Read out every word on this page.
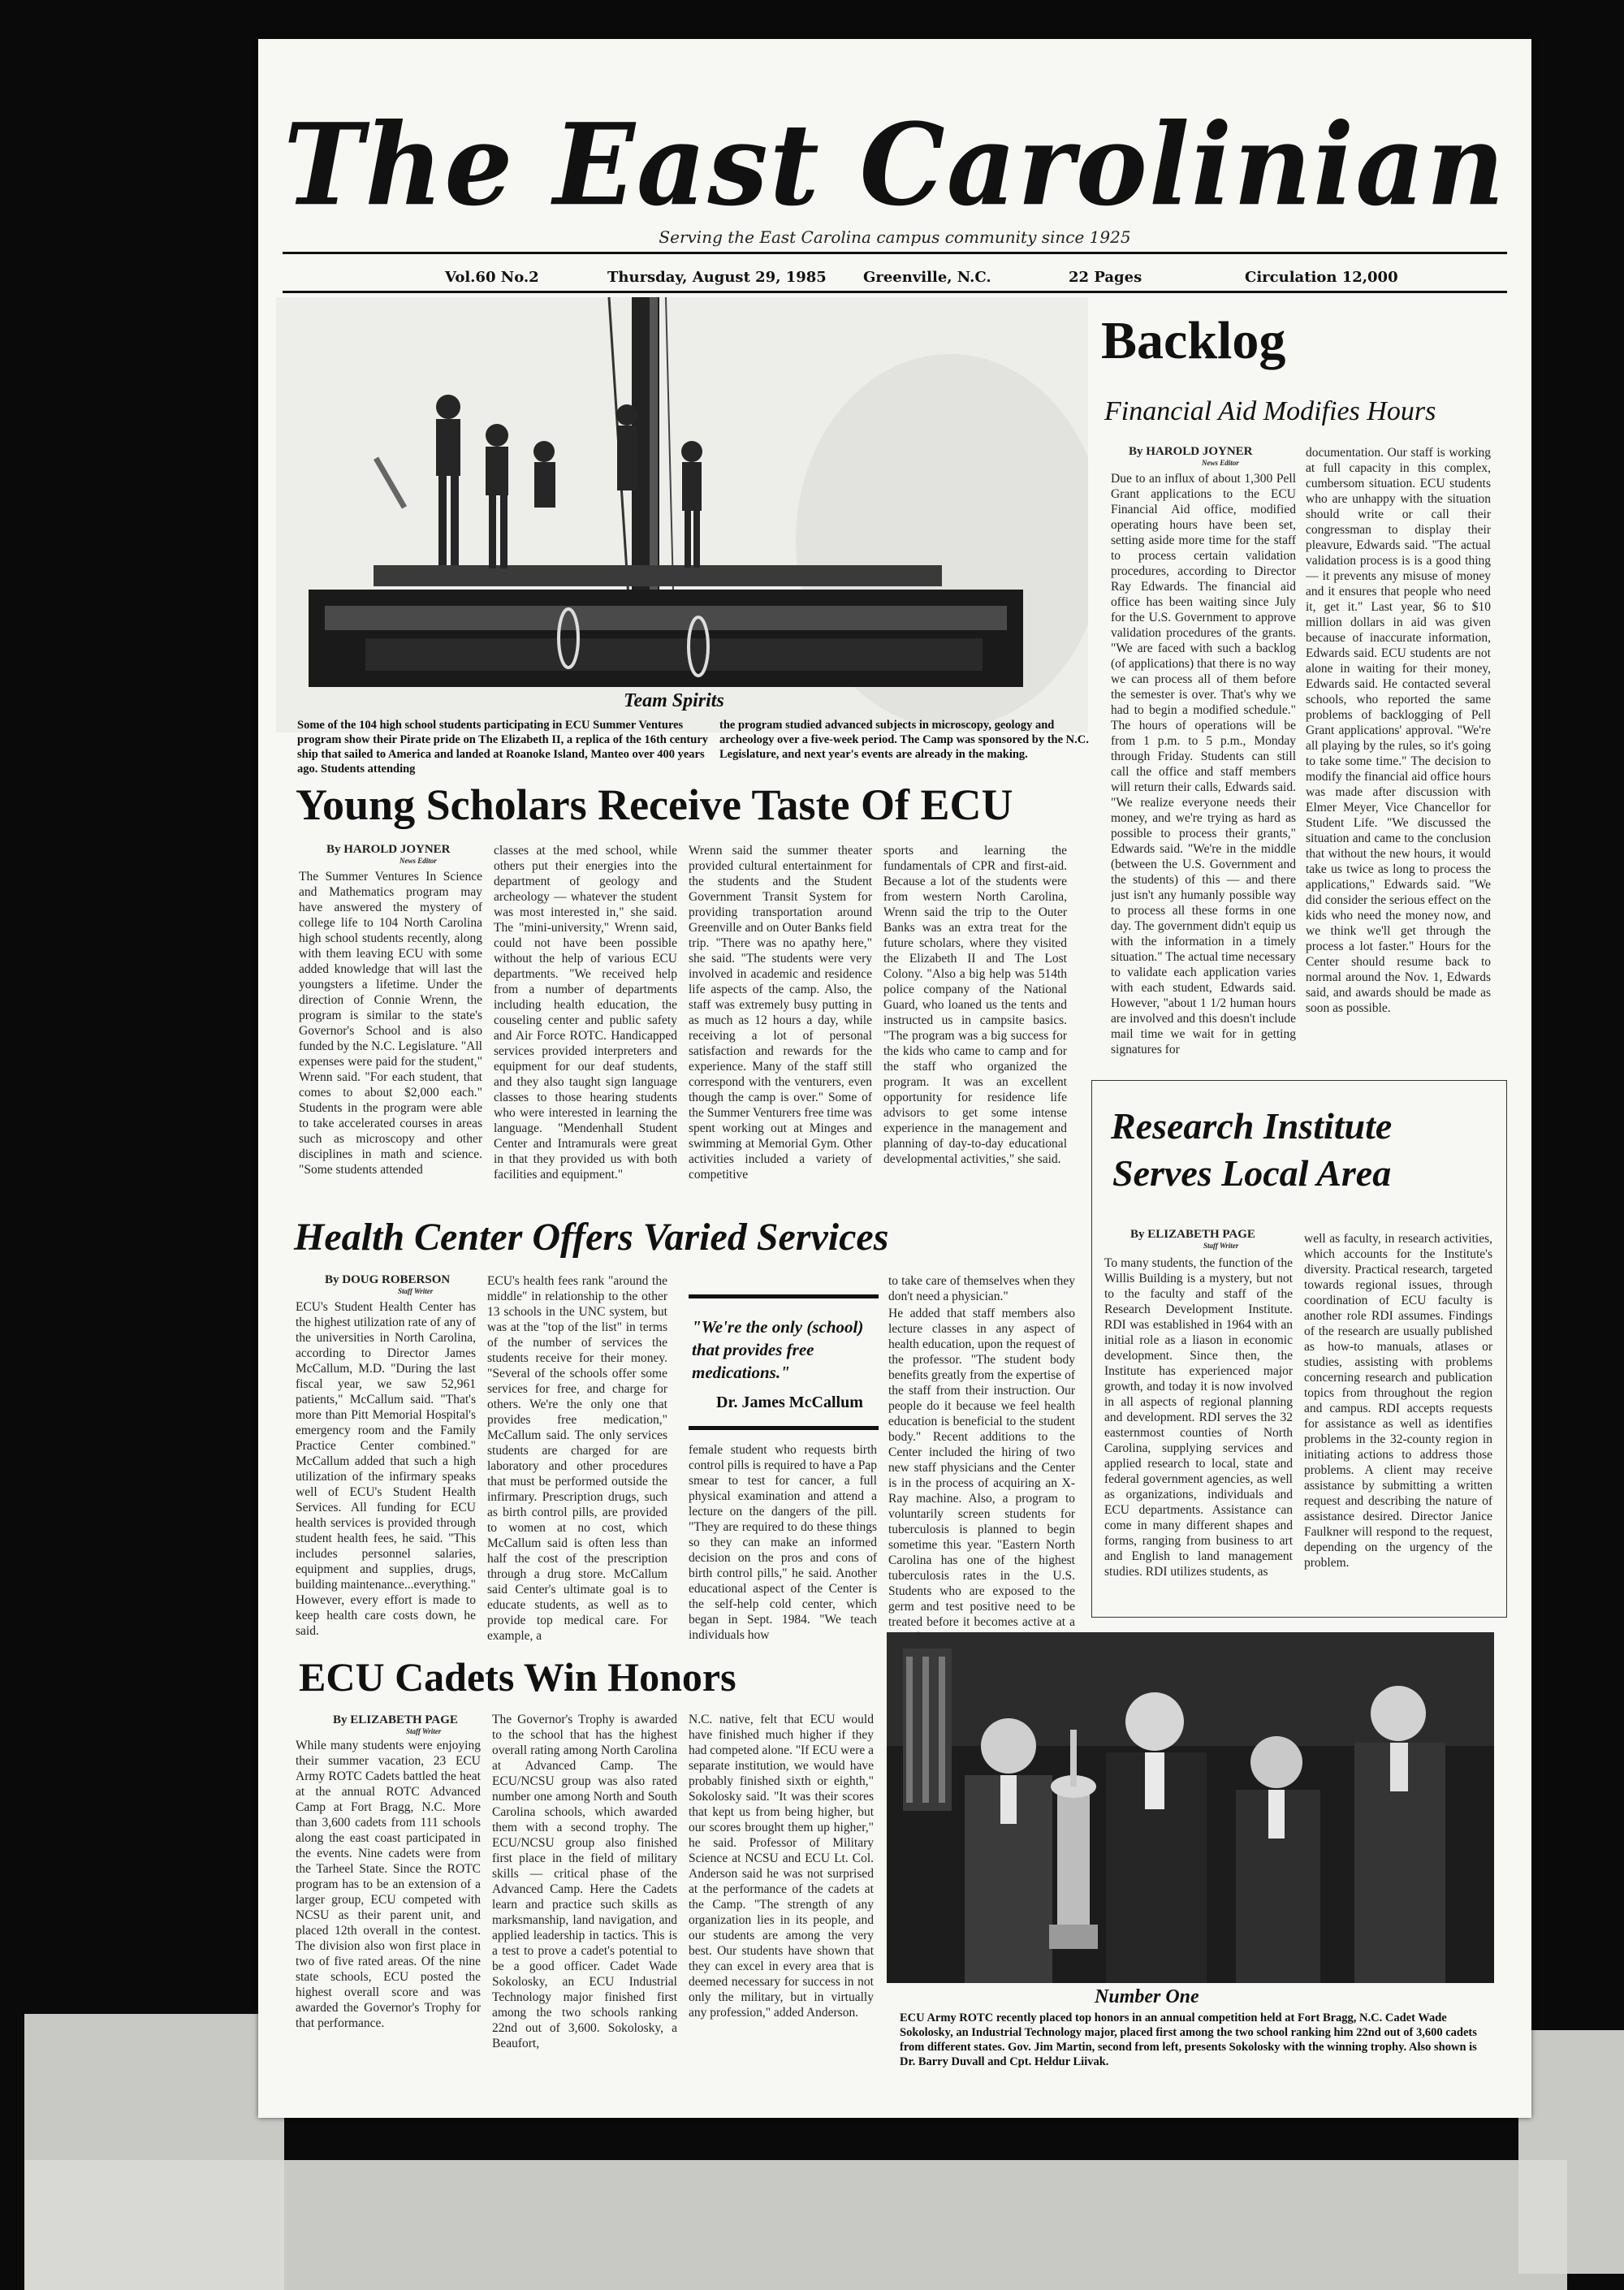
The East Carolinian
Serving the East Carolina campus community since 1925
Vol.60 No.2	Thursday, August 29, 1985	Greenville, N.C.	22 Pages	Circulation 12,000
Team Spirits
Some of the 104 high school students participating in ECU Summer Ventures program show their Pirate pride on The Elizabeth II, a replica of the 16th century ship that sailed to America and landed at Roanoke Island, Manteo over 400 years ago. Students attending
the program studied advanced subjects in microscopy, geology and archeology over a five-week period. The Camp was sponsored by the N.C. Legislature, and next year's events are already in the making.
Backlog
Financial Aid Modifies Hours
By HAROLD JOYNER
News Editor
Due to an influx of about 1,300 Pell Grant applications to the ECU Financial Aid office, modified operating hours have been set, setting aside more time for the staff to process certain validation procedures, according to Director Ray Edwards. The financial aid office has been waiting since July for the U.S. Government to approve validation procedures of the grants. "We are faced with such a backlog (of applications) that there is no way we can process all of them before the semester is over. That's why we had to begin a modified schedule." The hours of operations will be from 1 p.m. to 5 p.m., Monday through Friday. Students can still call the office and staff members will return their calls, Edwards said. "We realize everyone needs their money, and we're trying as hard as possible to process their grants," Edwards said. "We're in the middle (between the U.S. Government and the students) of this — and there just isn't any humanly possible way to process all these forms in one day. The government didn't equip us with the information in a timely situation." The actual time necessary to validate each application varies with each student, Edwards said. However, "about 1 1/2 human hours are involved and this doesn't include mail time we wait for in getting signatures for
documentation. Our staff is working at full capacity in this complex, cumbersom situation. ECU students who are unhappy with the situation should write or call their congressman to display their pleavure, Edwards said. "The actual validation process is is a good thing — it prevents any misuse of money and it ensures that people who need it, get it." Last year, $6 to $10 million dollars in aid was given because of inaccurate information, Edwards said. ECU students are not alone in waiting for their money, Edwards said. He contacted several schools, who reported the same problems of backlogging of Pell Grant applications' approval. "We're all playing by the rules, so it's going to take some time." The decision to modify the financial aid office hours was made after discussion with Elmer Meyer, Vice Chancellor for Student Life. "We discussed the situation and came to the conclusion that without the new hours, it would take us twice as long to process the applications," Edwards said. "We did consider the serious effect on the kids who need the money now, and we think we'll get through the process a lot faster." Hours for the Center should resume back to normal around the Nov. 1, Edwards said, and awards should be made as soon as possible.
Young Scholars Receive Taste Of ECU
By HAROLD JOYNER
News Editor
The Summer Ventures In Science and Mathematics program may have answered the mystery of college life to 104 North Carolina high school students recently, along with them leaving ECU with some added knowledge that will last the youngsters a lifetime. Under the direction of Connie Wrenn, the program is similar to the state's Governor's School and is also funded by the N.C. Legislature. "All expenses were paid for the student," Wrenn said. "For each student, that comes to about $2,000 each." Students in the program were able to take accelerated courses in areas such as microscopy and other disciplines in math and science. "Some students attended
classes at the med school, while others put their energies into the department of geology and archeology — whatever the student was most interested in," she said. The "mini-university," Wrenn said, could not have been possible without the help of various ECU departments. "We received help from a number of departments including health education, the couseling center and public safety and Air Force ROTC. Handicapped services provided interpreters and equipment for our deaf students, and they also taught sign language classes to those hearing students who were interested in learning the language. "Mendenhall Student Center and Intramurals were great in that they provided us with both facilities and equipment."
Wrenn said the summer theater provided cultural entertainment for the students and the Student Government Transit System for providing transportation around Greenville and on Outer Banks field trip. "There was no apathy here," she said. "The students were very involved in academic and residence life aspects of the camp. Also, the staff was extremely busy putting in as much as 12 hours a day, while receiving a lot of personal satisfaction and rewards for the experience. Many of the staff still correspond with the venturers, even though the camp is over." Some of the Summer Venturers free time was spent working out at Minges and swimming at Memorial Gym. Other activities included a variety of competitive
sports and learning the fundamentals of CPR and first-aid. Because a lot of the students were from western North Carolina, Wrenn said the trip to the Outer Banks was an extra treat for the future scholars, where they visited the Elizabeth II and The Lost Colony. "Also a big help was 514th police company of the National Guard, who loaned us the tents and instructed us in campsite basics. "The program was a big success for the kids who came to camp and for the staff who organized the program. It was an excellent opportunity for residence life advisors to get some intense experience in the management and planning of day-to-day educational developmental activities," she said.
Research Institute
Serves Local Area
By ELIZABETH PAGE
Staff Writer
To many students, the function of the Willis Building is a mystery, but not to the faculty and staff of the Research Development Institute. RDI was established in 1964 with an initial role as a liason in economic development. Since then, the Institute has experienced major growth, and today it is now involved in all aspects of regional planning and development. RDI serves the 32 easternmost counties of North Carolina, supplying services and applied research to local, state and federal government agencies, as well as organizations, individuals and ECU departments. Assistance can come in many different shapes and forms, ranging from business to art and English to land management studies. RDI utilizes students, as
well as faculty, in research activities, which accounts for the Institute's diversity. Practical research, targeted towards regional issues, through coordination of ECU faculty is another role RDI assumes. Findings of the research are usually published as how-to manuals, atlases or studies, assisting with problems concerning research and publication topics from throughout the region and campus. RDI accepts requests for assistance as well as identifies problems in the 32-county region in initiating actions to address those problems. A client may receive assistance by submitting a written request and describing the nature of assistance desired. Director Janice Faulkner will respond to the request, depending on the urgency of the problem.
Health Center Offers Varied Services
By DOUG ROBERSON
Staff Writer
ECU's Student Health Center has the highest utilization rate of any of the universities in North Carolina, according to Director James McCallum, M.D. "During the last fiscal year, we saw 52,961 patients," McCallum said. "That's more than Pitt Memorial Hospital's emergency room and the Family Practice Center combined." McCallum added that such a high utilization of the infirmary speaks well of ECU's Student Health Services. All funding for ECU health services is provided through student health fees, he said. "This includes personnel salaries, equipment and supplies, drugs, building maintenance...everything." However, every effort is made to keep health care costs down, he said.
ECU's health fees rank "around the middle" in relationship to the other 13 schools in the UNC system, but was at the "top of the list" in terms of the number of services the students receive for their money. "Several of the schools offer some services for free, and charge for others. We're the only one that provides free medication," McCallum said. The only services students are charged for are laboratory and other procedures that must be performed outside the infirmary. Prescription drugs, such as birth control pills, are provided to women at no cost, which McCallum said is often less than half the cost of the prescription through a drug store. McCallum said Center's ultimate goal is to educate students, as well as to provide top medical care. For example, a
"We're the only (school) that provides free medications."
Dr. James McCallum
female student who requests birth control pills is required to have a Pap smear to test for cancer, a full physical examination and attend a lecture on the dangers of the pill. "They are required to do these things so they can make an informed decision on the pros and cons of birth control pills," he said. Another educational aspect of the Center is the self-help cold center, which began in Sept. 1984. "We teach individuals how
to take care of themselves when they don't need a physician."
He added that staff members also lecture classes in any aspect of health education, upon the request of the professor. "The student body benefits greatly from the expertise of the staff from their instruction. Our people do it because we feel health education is beneficial to the student body." Recent additions to the Center included the hiring of two new staff physicians and the Center is in the process of acquiring an X-Ray machine. Also, a program to voluntarily screen students for tuberculosis is planned to begin sometime this year. "Eastern North Carolina has one of the highest tuberculosis rates in the U.S. Students who are exposed to the germ and test positive need to be treated before it becomes active at a
ECU Cadets Win Honors
By ELIZABETH PAGE
Staff Writer
While many students were enjoying their summer vacation, 23 ECU Army ROTC Cadets battled the heat at the annual ROTC Advanced Camp at Fort Bragg, N.C. More than 3,600 cadets from 111 schools along the east coast participated in the events. Nine cadets were from the Tarheel State. Since the ROTC program has to be an extension of a larger group, ECU competed with NCSU as their parent unit, and placed 12th overall in the contest. The division also won first place in two of five rated areas. Of the nine state schools, ECU posted the highest overall score and was awarded the Governor's Trophy for that performance.
The Governor's Trophy is awarded to the school that has the highest overall rating among North Carolina at Advanced Camp. The ECU/NCSU group was also rated number one among North and South Carolina schools, which awarded them with a second trophy. The ECU/NCSU group also finished first place in the field of military skills — critical phase of the Advanced Camp. Here the Cadets learn and practice such skills as marksmanship, land navigation, and applied leadership in tactics. This is a test to prove a cadet's potential to be a good officer. Cadet Wade Sokolosky, an ECU Industrial Technology major finished first among the two schools ranking 22nd out of 3,600. Sokolosky, a Beaufort,
N.C. native, felt that ECU would have finished much higher if they had competed alone. "If ECU were a separate institution, we would have probably finished sixth or eighth," Sokolosky said. "It was their scores that kept us from being higher, but our scores brought them up higher," he said. Professor of Military Science at NCSU and ECU Lt. Col. Anderson said he was not surprised at the performance of the cadets at the Camp. "The strength of any organization lies in its people, and our students are among the very best. Our students have shown that they can excel in every area that is deemed necessary for success in not only the military, but in virtually any profession," added Anderson.
Number One
ECU Army ROTC recently placed top honors in an annual competition held at Fort Bragg, N.C. Cadet Wade Sokolosky, an Industrial Technology major, placed first among the two school ranking him 22nd out of 3,600 cadets from different states. Gov. Jim Martin, second from left, presents Sokolosky with the winning trophy. Also shown is Dr. Barry Duvall and Cpt. Heldur Liivak.
